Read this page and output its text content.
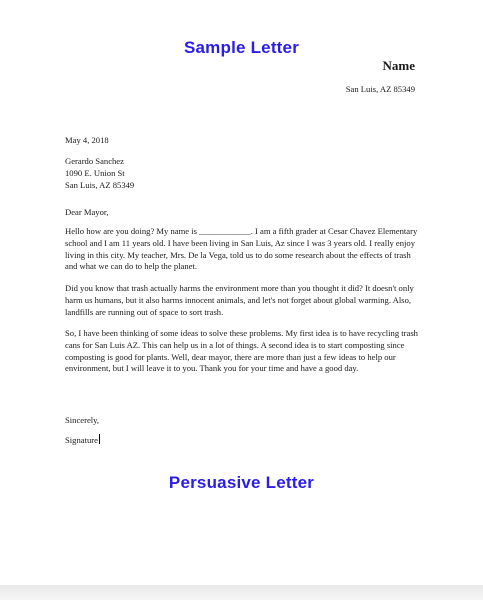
Sample Letter
Name
San Luis, AZ 85349
May 4, 2018
Gerardo Sanchez
1090 E. Union St
San Luis, AZ 85349
Dear Mayor,
Hello how are you doing? My name is ____________. I am a fifth grader at Cesar Chavez Elementary school and I am 11 years old. I have been living in San Luis, Az since I was 3 years old. I really enjoy living in this city. My teacher, Mrs. De la Vega, told us to do some research about the effects of trash and what we can do to help the planet.
Did you know that trash actually harms the environment more than you thought it did? It doesn't only harm us humans, but it also harms innocent animals, and let's not forget about global warming. Also, landfills are running out of space to sort trash.
So, I have been thinking of some ideas to solve these problems. My first idea is to have recycling trash cans for San Luis AZ. This can help us in a lot of things. A second idea is to start composting since composting is good for plants. Well, dear mayor, there are more than just a few ideas to help our environment, but I will leave it to you. Thank you for your time and have a good day.
Sincerely,
Signature
Persuasive Letter
